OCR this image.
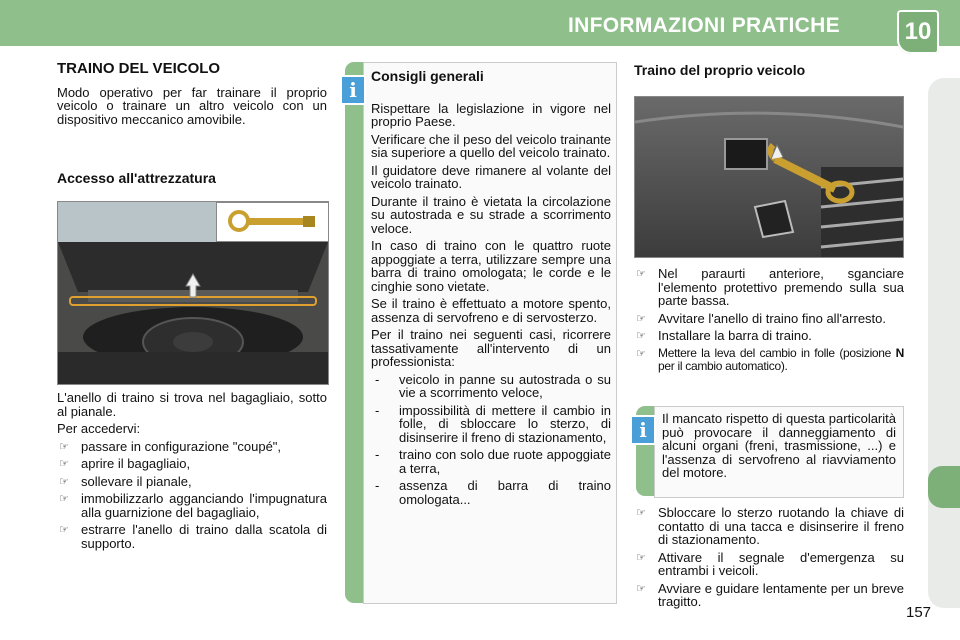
INFORMAZIONI PRATICHE	10
TRAINO DEL VEICOLO

Modo operativo per far trainare il proprio veicolo o trainare un altro veicolo con un dispositivo meccanico amovibile.

Accesso all'attrezzatura

L'anello di traino si trova nel bagagliaio, sotto al pianale.

Per accedervi:

☞ passare in configurazione "coupé",
☞ aprire il bagagliaio,
☞ sollevare il pianale,
☞ immobilizzarlo agganciando l'impugnatura alla guarnizione del bagagliaio,
☞ estrarre l'anello di traino dalla scatola di supporto.
i
Consigli generali

Rispettare la legislazione in vigore nel proprio Paese.

Verificare che il peso del veicolo trainante sia superiore a quello del veicolo trainato.

Il guidatore deve rimanere al volante del veicolo trainato.

Durante il traino è vietata la circolazione su autostrada e su strade a scorrimento veloce.

In caso di traino con le quattro ruote appoggiate a terra, utilizzare sempre una barra di traino omologata; le corde e le cinghie sono vietate.

Se il traino è effettuato a motore spento, assenza di servofreno e di servosterzo.

Per il traino nei seguenti casi, ricorrere tassativamente all'intervento di un professionista:

- veicolo in panne su autostrada o su vie a scorrimento veloce,
- impossibilità di mettere il cambio in folle, di sbloccare lo sterzo, di disinserire il freno di stazionamento,
- traino con solo due ruote appoggiate a terra,
- assenza di barra di traino omologata...
Traino del proprio veicolo
☞ Nel paraurti anteriore, sganciare l'elemento protettivo premendo sulla sua parte bassa.
☞ Avvitare l'anello di traino fino all'arresto.
☞ Installare la barra di traino.
☞ Mettere la leva del cambio in folle (posizione N per il cambio automatico).
i	Il mancato rispetto di questa particolarità può provocare il danneggiamento di alcuni organi (freni, trasmissione, ...) e l'assenza di servofreno al riavviamento del motore.

☞ Sbloccare lo sterzo ruotando la chiave di contatto di una tacca e disinserire il freno di stazionamento.
☞ Attivare il segnale d'emergenza su entrambi i veicoli.
☞ Avviare e guidare lentamente per un breve tragitto.
157
